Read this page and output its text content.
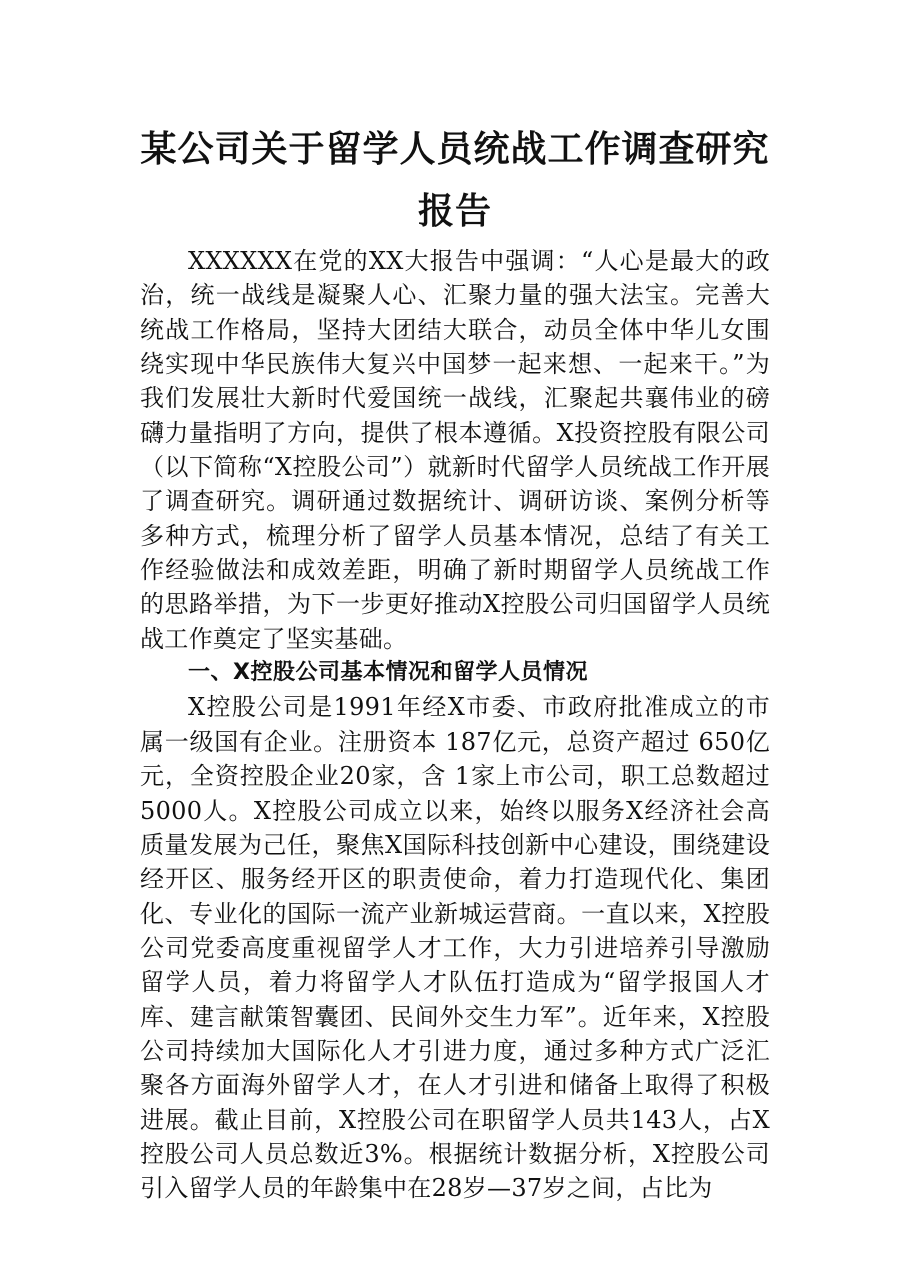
某公司关于留学人员统战工作调查研究报告

XXXXXX在党的XX大报告中强调：“人心是最大的政治，统一战线是凝聚人心、汇聚力量的强大法宝。完善大统战工作格局，坚持大团结大联合，动员全体中华儿女围绕实现中华民族伟大复兴中国梦一起来想、一起来干。”为我们发展壮大新时代爱国统一战线，汇聚起共襄伟业的磅礴力量指明了方向，提供了根本遵循。X投资控股有限公司（以下简称“X控股公司”）就新时代留学人员统战工作开展了调查研究。调研通过数据统计、调研访谈、案例分析等多种方式，梳理分析了留学人员基本情况，总结了有关工作经验做法和成效差距，明确了新时期留学人员统战工作的思路举措，为下一步更好推动X控股公司归国留学人员统战工作奠定了坚实基础。

一、X控股公司基本情况和留学人员情况

X控股公司是1991年经X市委、市政府批准成立的市属一级国有企业。注册资本 187亿元，总资产超过 650亿元，全资控股企业20家，含 1家上市公司，职工总数超过5000人。X控股公司成立以来，始终以服务X经济社会高质量发展为己任，聚焦X国际科技创新中心建设，围绕建设经开区、服务经开区的职责使命，着力打造现代化、集团化、专业化的国际一流产业新城运营商。一直以来，X控股公司党委高度重视留学人才工作，大力引进培养引导激励留学人员，着力将留学人才队伍打造成为“留学报国人才库、建言献策智囊团、民间外交生力军”。近年来，X控股公司持续加大国际化人才引进力度，通过多种方式广泛汇聚各方面海外留学人才，在人才引进和储备上取得了积极进展。截止目前，X控股公司在职留学人员共143人，占X控股公司人员总数近3%。根据统计数据分析，X控股公司引入留学人员的年龄集中在28岁—37岁之间，占比为
